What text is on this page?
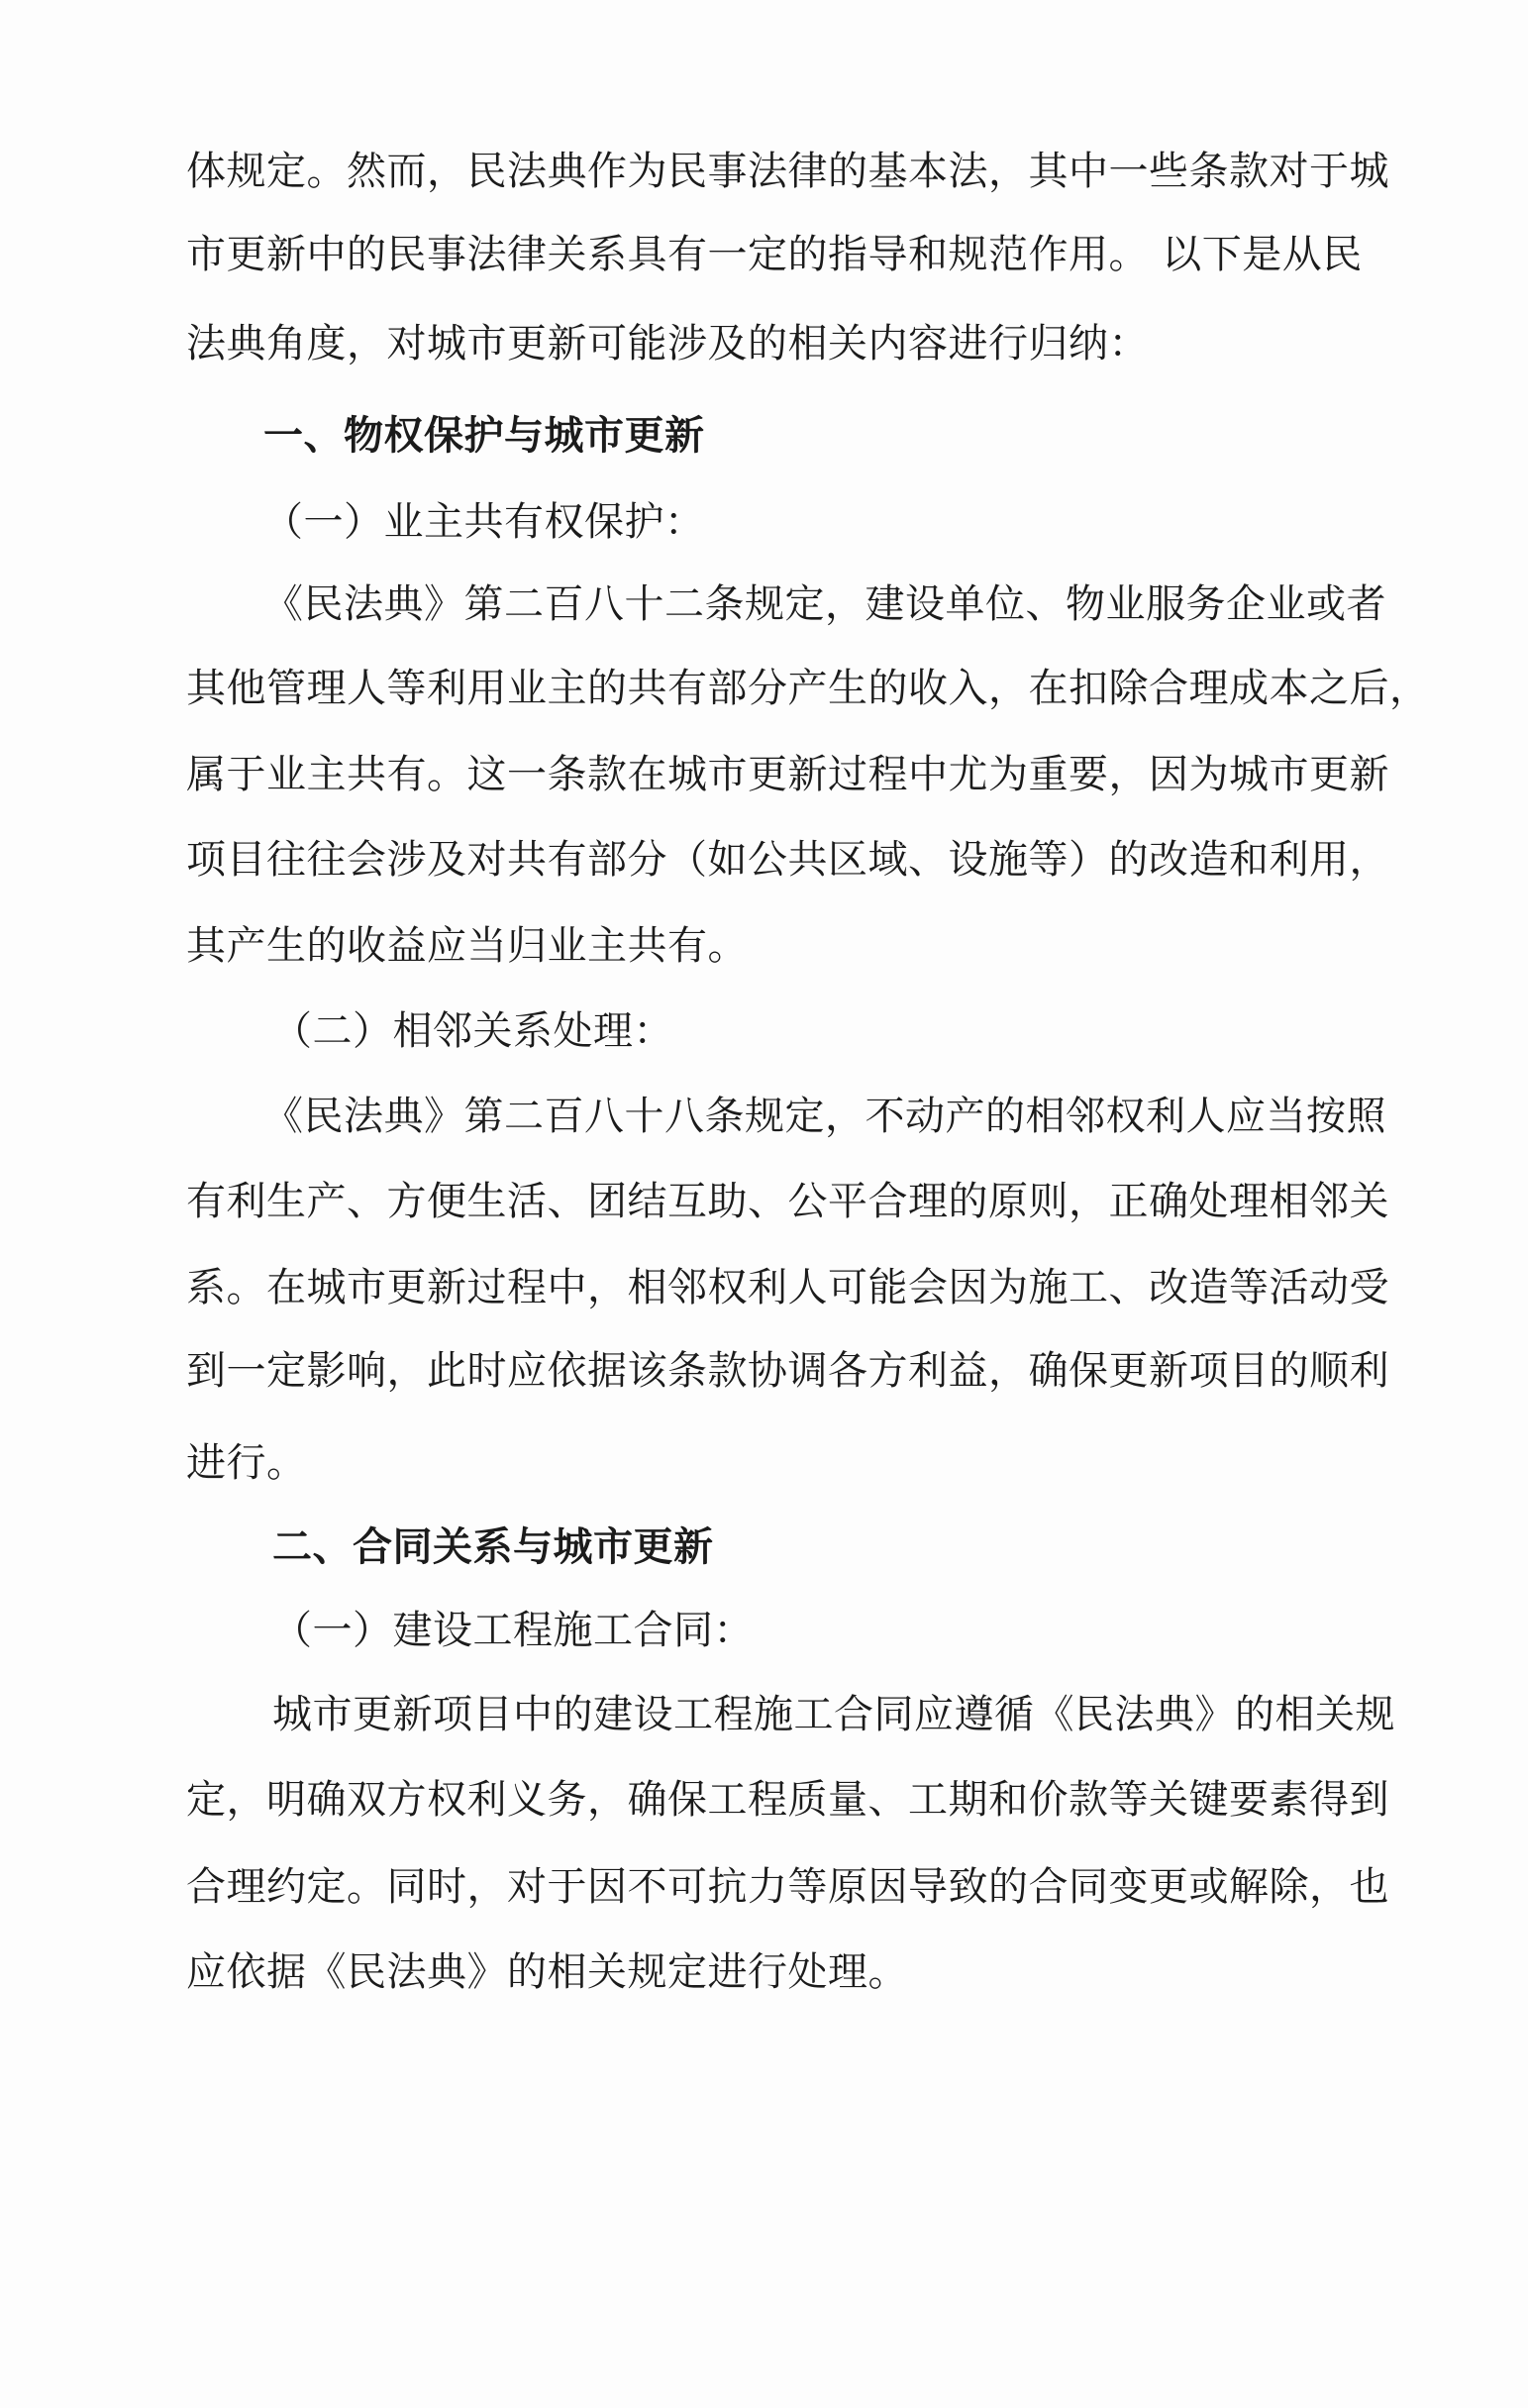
体规定。然而，民法典作为民事法律的基本法，其中一些条款对于城
市更新中的民事法律关系具有一定的指导和规范作用。 以下是从民
法典角度，对城市更新可能涉及的相关内容进行归纳：
一、物权保护与城市更新
（一）业主共有权保护：
《民法典》第二百八十二条规定，建设单位、物业服务企业或者
其他管理人等利用业主的共有部分产生的收入，在扣除合理成本之后，
属于业主共有。这一条款在城市更新过程中尤为重要，因为城市更新
项目往往会涉及对共有部分（如公共区域、设施等）的改造和利用，
其产生的收益应当归业主共有。
（二）相邻关系处理：
《民法典》第二百八十八条规定，不动产的相邻权利人应当按照
有利生产、方便生活、团结互助、公平合理的原则，正确处理相邻关
系。在城市更新过程中，相邻权利人可能会因为施工、改造等活动受
到一定影响，此时应依据该条款协调各方利益，确保更新项目的顺利
进行。
二、合同关系与城市更新
（一）建设工程施工合同：
城市更新项目中的建设工程施工合同应遵循《民法典》的相关规
定，明确双方权利义务，确保工程质量、工期和价款等关键要素得到
合理约定。同时，对于因不可抗力等原因导致的合同变更或解除，也
应依据《民法典》的相关规定进行处理。
